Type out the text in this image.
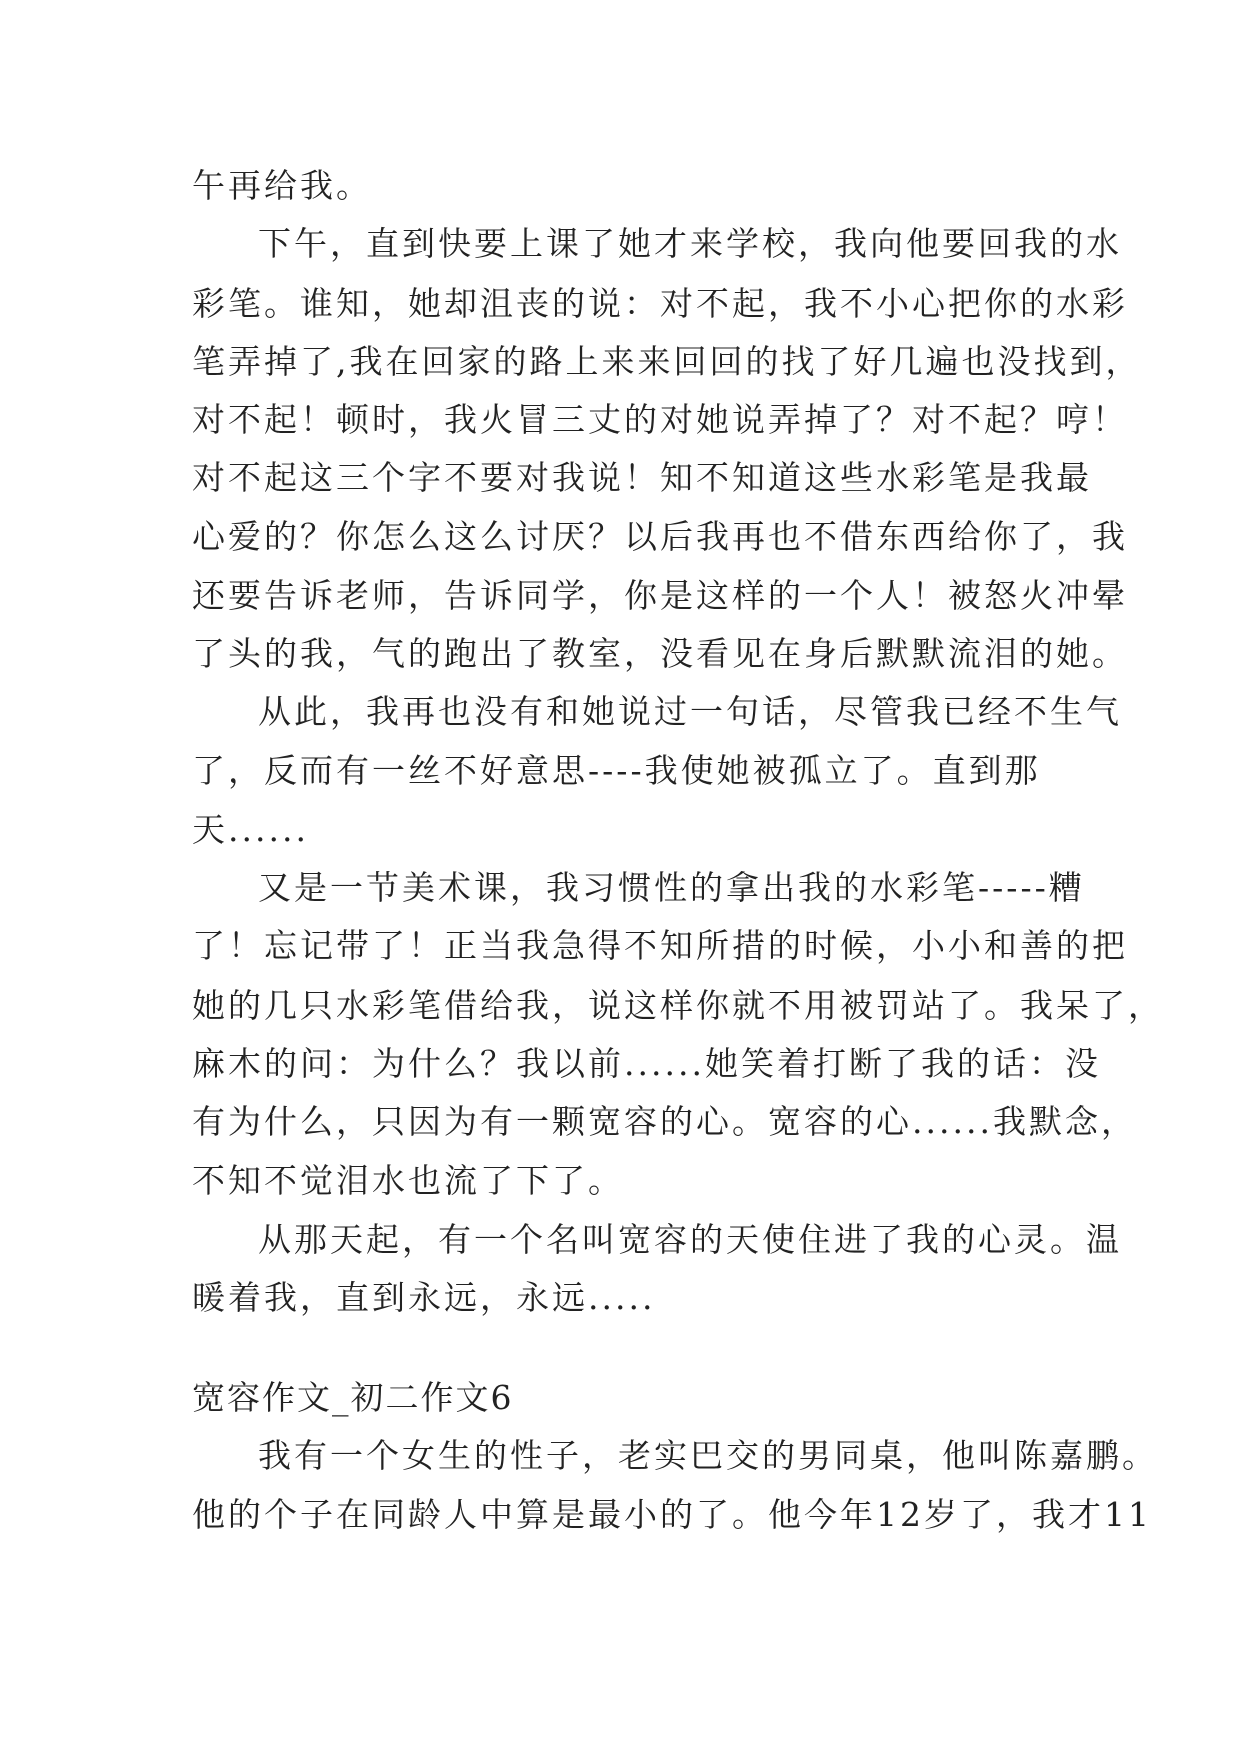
午再给我。
下午，直到快要上课了她才来学校，我向他要回我的水
彩笔。谁知，她却沮丧的说：对不起，我不小心把你的水彩
笔弄掉了,我在回家的路上来来回回的找了好几遍也没找到，
对不起！顿时，我火冒三丈的对她说弄掉了？对不起？哼！
对不起这三个字不要对我说！知不知道这些水彩笔是我最
心爱的？你怎么这么讨厌？以后我再也不借东西给你了，我
还要告诉老师，告诉同学，你是这样的一个人！被怒火冲晕
了头的我，气的跑出了教室，没看见在身后默默流泪的她。
从此，我再也没有和她说过一句话，尽管我已经不生气
了，反而有一丝不好意思----我使她被孤立了。直到那
天......
又是一节美术课，我习惯性的拿出我的水彩笔-----糟
了！忘记带了！正当我急得不知所措的时候，小小和善的把
她的几只水彩笔借给我，说这样你就不用被罚站了。我呆了，
麻木的问：为什么？我以前......她笑着打断了我的话：没
有为什么，只因为有一颗宽容的心。宽容的心......我默念，
不知不觉泪水也流了下了。
从那天起，有一个名叫宽容的天使住进了我的心灵。温
暖着我，直到永远，永远.....
宽容作文_初二作文6
我有一个女生的性子，老实巴交的男同桌，他叫陈嘉鹏。
他的个子在同龄人中算是最小的了。他今年12岁了，我才11
